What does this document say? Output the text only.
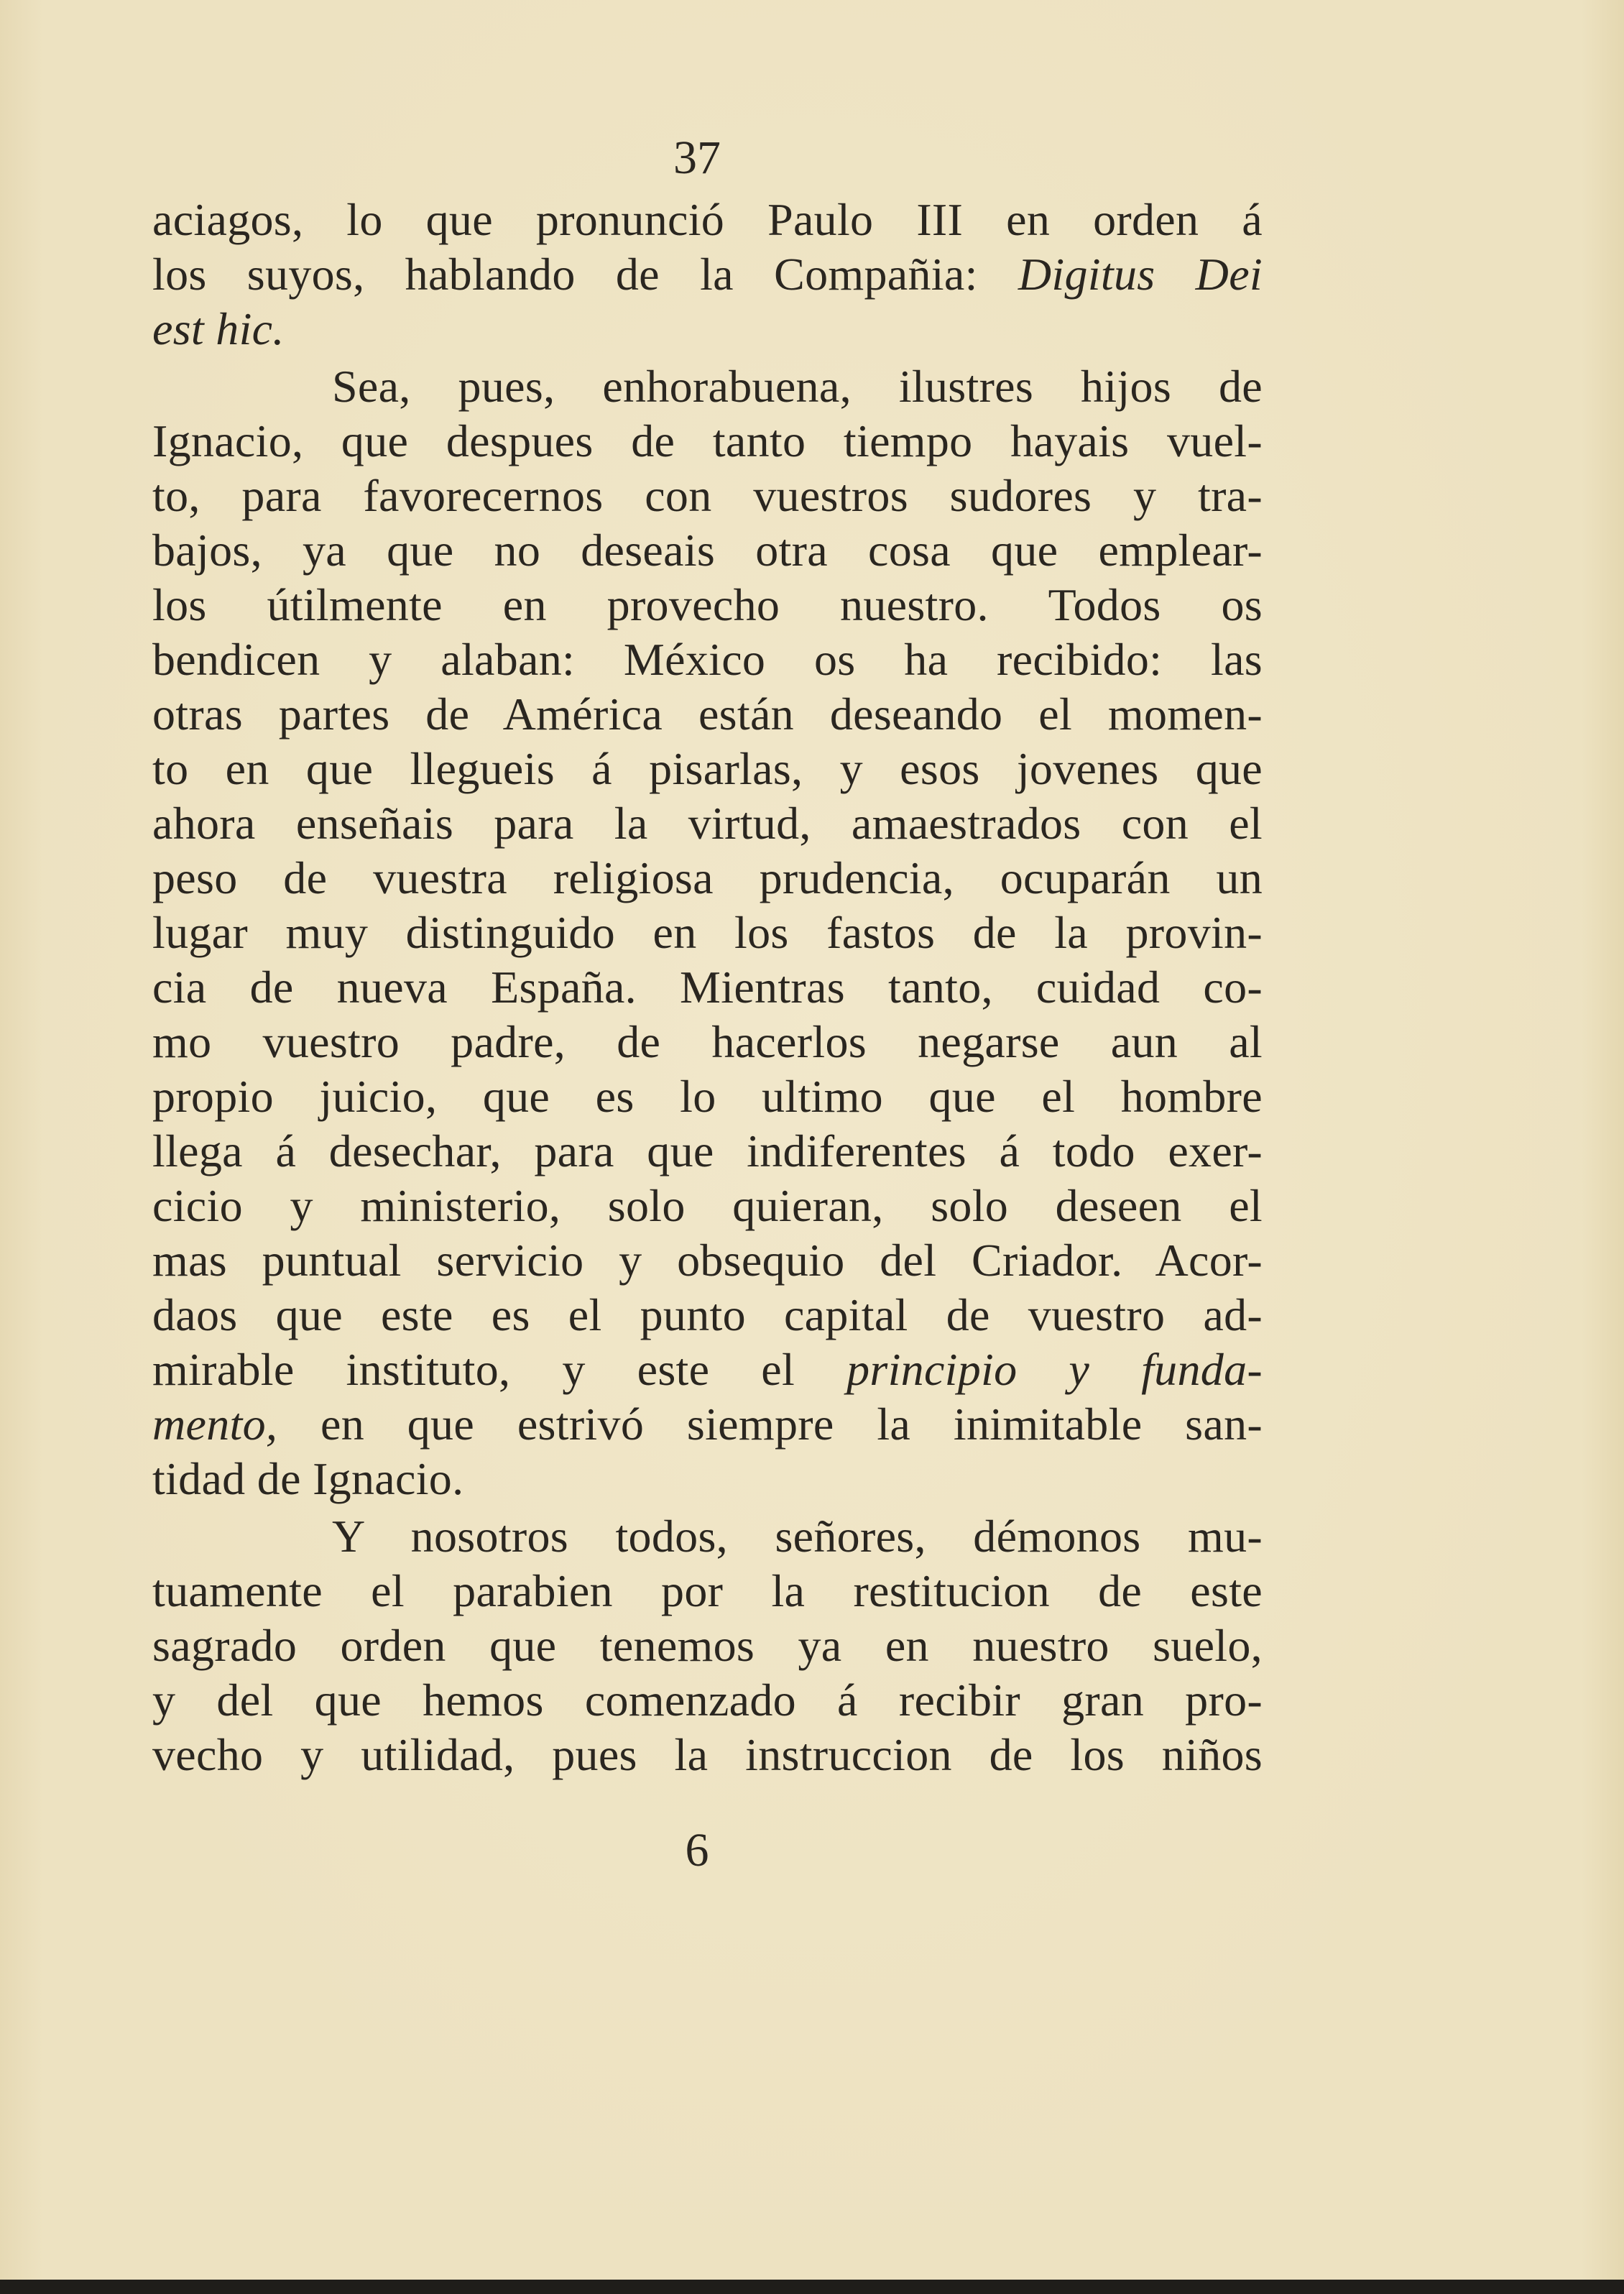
37
aciagos, lo que pronunció Paulo III en orden á
los suyos, hablando de la Compañia: Digitus Dei
est hic.
Sea, pues, enhorabuena, ilustres hijos de
Ignacio, que despues de tanto tiempo hayais vuel-
to, para favorecernos con vuestros sudores y tra-
bajos, ya que no deseais otra cosa que emplear-
los útilmente en provecho nuestro. Todos os
bendicen y alaban: México os ha recibido: las
otras partes de América están deseando el momen-
to en que llegueis á pisarlas, y esos jovenes que
ahora enseñais para la virtud, amaestrados con el
peso de vuestra religiosa prudencia, ocuparán un
lugar muy distinguido en los fastos de la provin-
cia de nueva España. Mientras tanto, cuidad co-
mo vuestro padre, de hacerlos negarse aun al
propio juicio, que es lo ultimo que el hombre
llega á desechar, para que indiferentes á todo exer-
cicio y ministerio, solo quieran, solo deseen el
mas puntual servicio y obsequio del Criador. Acor-
daos que este es el punto capital de vuestro ad-
mirable instituto, y este el principio y funda-
mento, en que estrivó siempre la inimitable san-
tidad de Ignacio.
Y nosotros todos, señores, démonos mu-
tuamente el parabien por la restitucion de este
sagrado orden que tenemos ya en nuestro suelo,
y del que hemos comenzado á recibir gran pro-
vecho y utilidad, pues la instruccion de los niños
6
